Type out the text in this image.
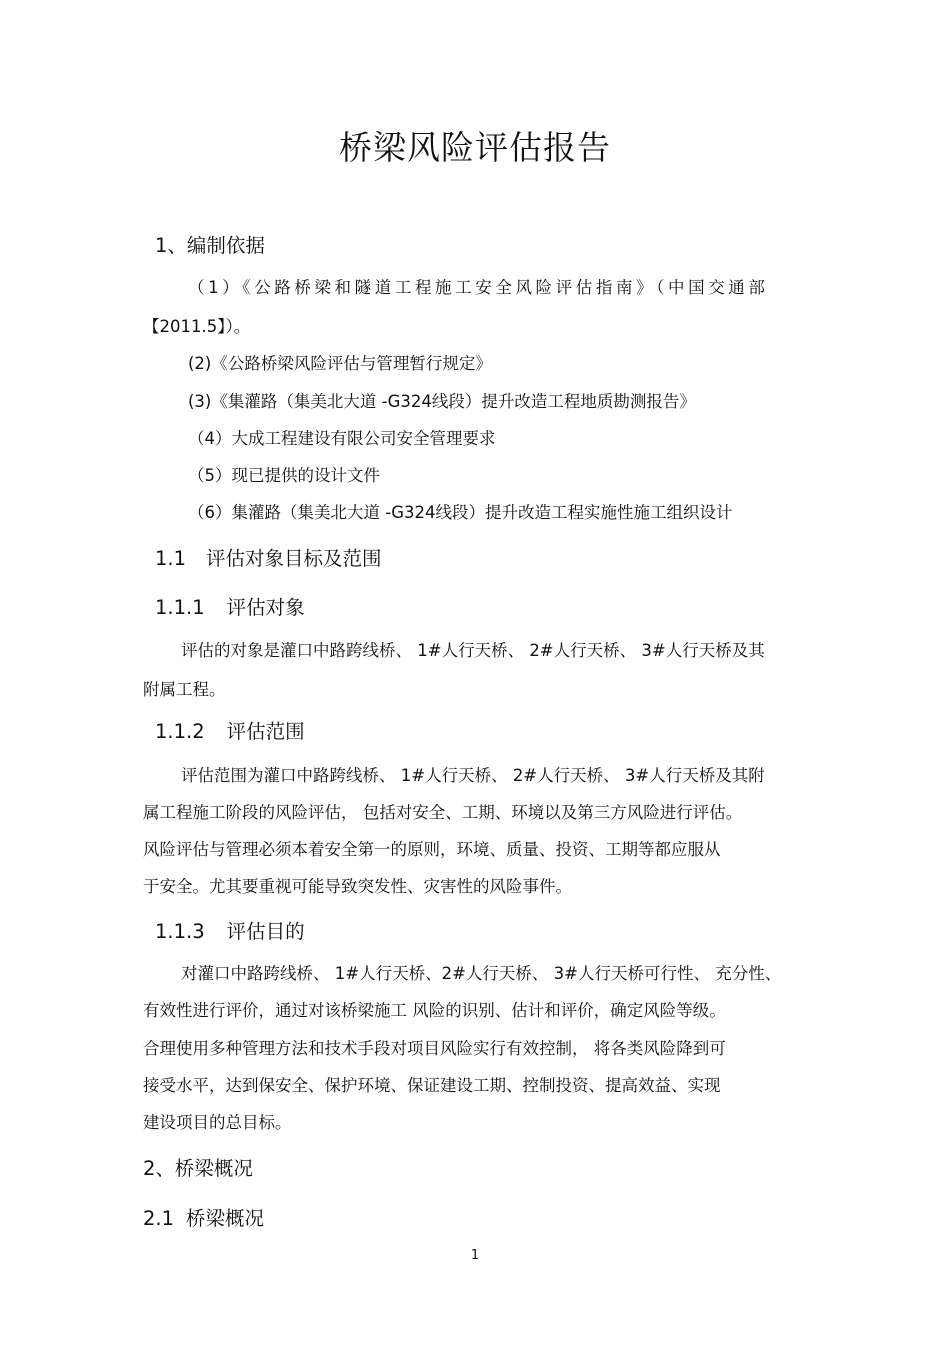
桥梁风险评估报告
1、编制依据
（1）《公路桥梁和隧道工程施工安全风险评估指南》（中国交通部
【2011.5】）。
(2)《公路桥梁风险评估与管理暂行规定》
(3)《集灌路（集美北大道 -G324线段）提升改造工程地质勘测报告》
（4）大成工程建设有限公司安全管理要求
（5）现已提供的设计文件
（6）集灌路（集美北大道 -G324线段）提升改造工程实施性施工组织设计
1.1 评估对象目标及范围
1.1.1 评估对象
评估的对象是灌口中路跨线桥、 1#人行天桥、 2#人行天桥、 3#人行天桥及其
附属工程。
1.1.2 评估范围
评估范围为灌口中路跨线桥、 1#人行天桥、 2#人行天桥、 3#人行天桥及其附
属工程施工阶段的风险评估， 包括对安全、工期、环境以及第三方风险进行评估。
风险评估与管理必须本着安全第一的原则，环境、质量、投资、工期等都应服从
于安全。尤其要重视可能导致突发性、灾害性的风险事件。
1.1.3 评估目的
对灌口中路跨线桥、 1#人行天桥、2#人行天桥、 3#人行天桥可行性、 充分性、
有效性进行评价，通过对该桥梁施工 风险的识别、估计和评价，确定风险等级。
合理使用多种管理方法和技术手段对项目风险实行有效控制， 将各类风险降到可
接受水平，达到保安全、保护环境、保证建设工期、控制投资、提高效益、实现
建设项目的总目标。
2、桥梁概况
2.1 桥梁概况
1
